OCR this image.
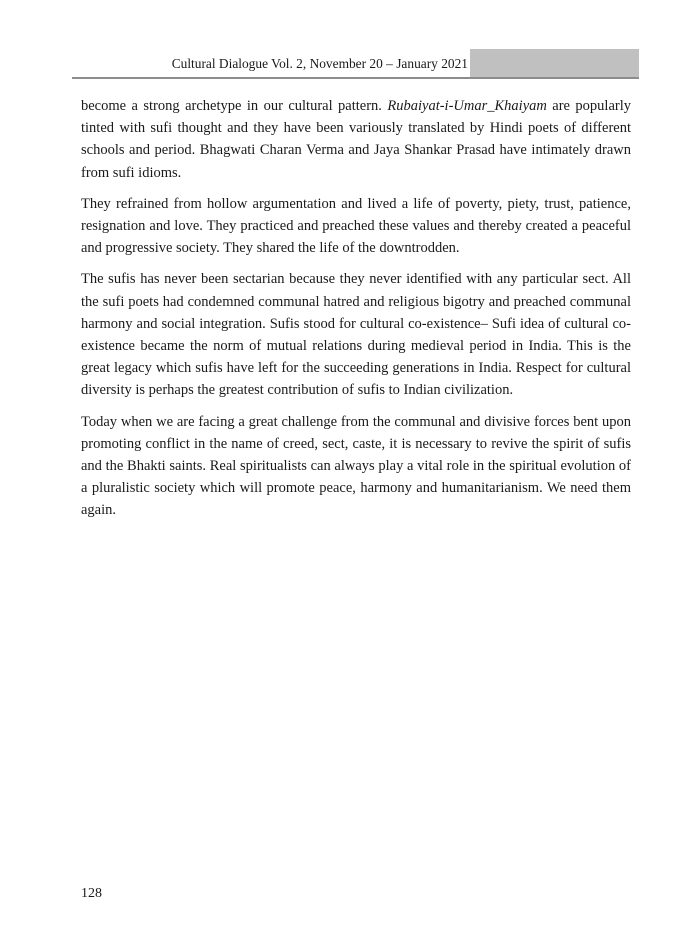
Cultural Dialogue Vol. 2, November 20 – January 2021

become a strong archetype in our cultural pattern. Rubaiyat-i-Umar_Khaiyam are popularly tinted with sufi thought and they have been variously translated by Hindi poets of different schools and period. Bhagwati Charan Verma and Jaya Shankar Prasad have intimately drawn from sufi idioms.

They refrained from hollow argumentation and lived a life of poverty, piety, trust, patience, resignation and love. They practiced and preached these values and thereby created a peaceful and progressive society. They shared the life of the downtrodden.

The sufis has never been sectarian because they never identified with any particular sect. All the sufi poets had condemned communal hatred and religious bigotry and preached communal harmony and social integration. Sufis stood for cultural co-existence– Sufi idea of cultural co-existence became the norm of mutual relations during medieval period in India. This is the great legacy which sufis have left for the succeeding generations in India. Respect for cultural diversity is perhaps the greatest contribution of sufis to Indian civilization.

Today when we are facing a great challenge from the communal and divisive forces bent upon promoting conflict in the name of creed, sect, caste, it is necessary to revive the spirit of sufis and the Bhakti saints. Real spiritualists can always play a vital role in the spiritual evolution of a pluralistic society which will promote peace, harmony and humanitarianism. We need them again.

128
